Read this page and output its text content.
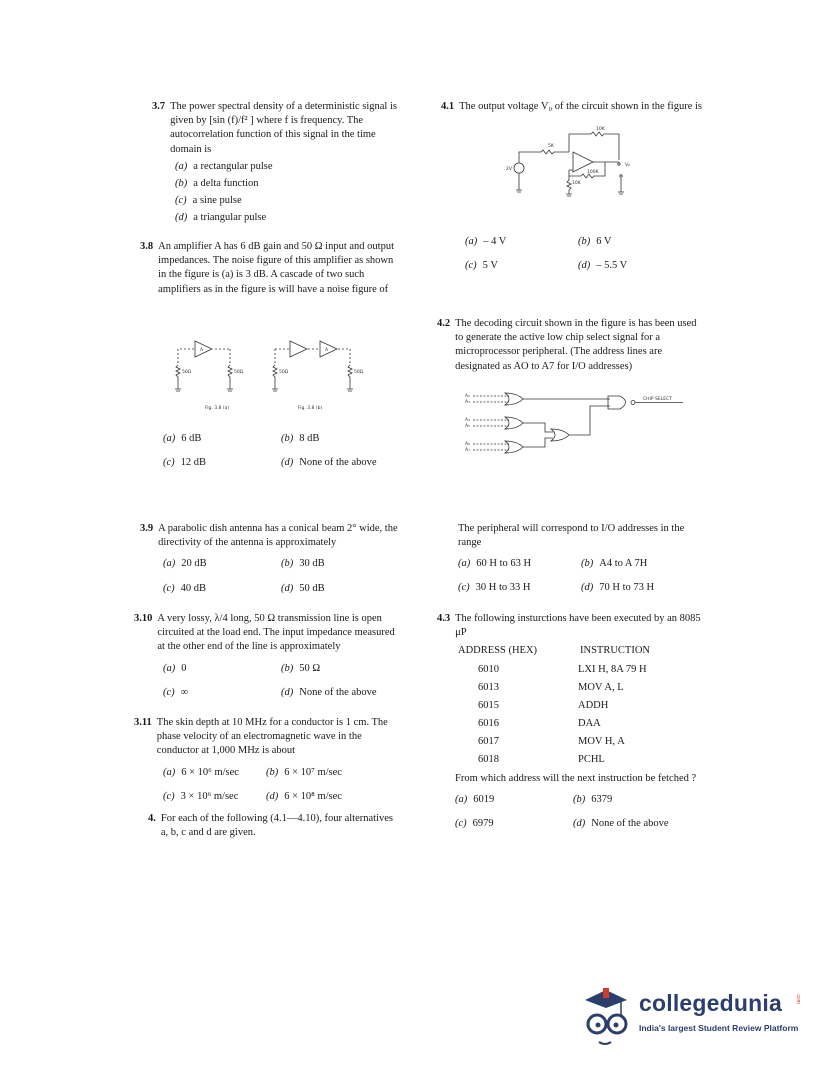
3.7 The power spectral density of a deterministic signal is given by [sin (f)/f² ] where f is frequency. The autocorrelation function of this signal in the time domain is
(a) a rectangular pulse
(b) a delta function
(c) a sine pulse
(d) a triangular pulse
3.8 An amplifier A has 6 dB gain and 50 Ω input and output impedances. The noise figure of this amplifier as shown in the figure is (a) is 3 dB. A cascade of two such amplifiers as in the figure is will have a noise figure of
A	A
50Ω	50Ω	50Ω	50Ω
Fig. 3.8 (a)	Fig. 3.8 (b)
(a) 6 dB	(b) 8 dB
(c) 12 dB	(d) None of the above
3.9 A parabolic dish antenna has a conical beam 2° wide, the directivity of the antenna is approximately
(a) 20 dB	(b) 30 dB
(c) 40 dB	(d) 50 dB
3.10 A very lossy, λ/4 long, 50 Ω transmission line is open circuited at the load end. The input impedance measured at the other end of the line is approximately
(a) 0	(b) 50 Ω
(c) ∞	(d) None of the above
3.11 The skin depth at 10 MHz for a conductor is 1 cm. The phase velocity of an electromagnetic wave in the conductor at 1,000 MHz is about
(a) 6 × 10⁶ m/sec	(b) 6 × 10⁷ m/sec
(c) 3 × 10⁶ m/sec	(d) 6 × 10⁸ m/sec
4. For each of the following (4.1—4.10), four alternatives a, b, c and d are given.
4.1 The output voltage V₀ of the circuit shown in the figure is
10K
5K
2V
100K
10K
V₀
(a) – 4 V	(b) 6 V
(c) 5 V	(d) – 5.5 V
4.2 The decoding circuit shown in the figure is has been used to generate the active low chip select signal for a microprocessor peripheral. (The address lines are designated as AO to A7 for I/O addresses)
A₂
A₃
A₄
A₅
A₆
A₇
CHIP SELECT
The peripheral will correspond to I/O addresses in the range
(a) 60 H to 63 H	(b) A4 to A 7H
(c) 30 H to 33 H	(d) 70 H to 73 H
4.3 The following insturctions have been executed by an 8085 μP
ADDRESS (HEX)	INSTRUCTION
6010	LXI H, 8A 79 H
6013	MOV A, L
6015	ADDH
6016	DAA
6017	MOV H, A
6018	PCHL
From which address will the next instruction be fetched ?
(a) 6019	(b) 6379
(c) 6979	(d) None of the above
collegedunia	.com
India's largest Student Review Platform
